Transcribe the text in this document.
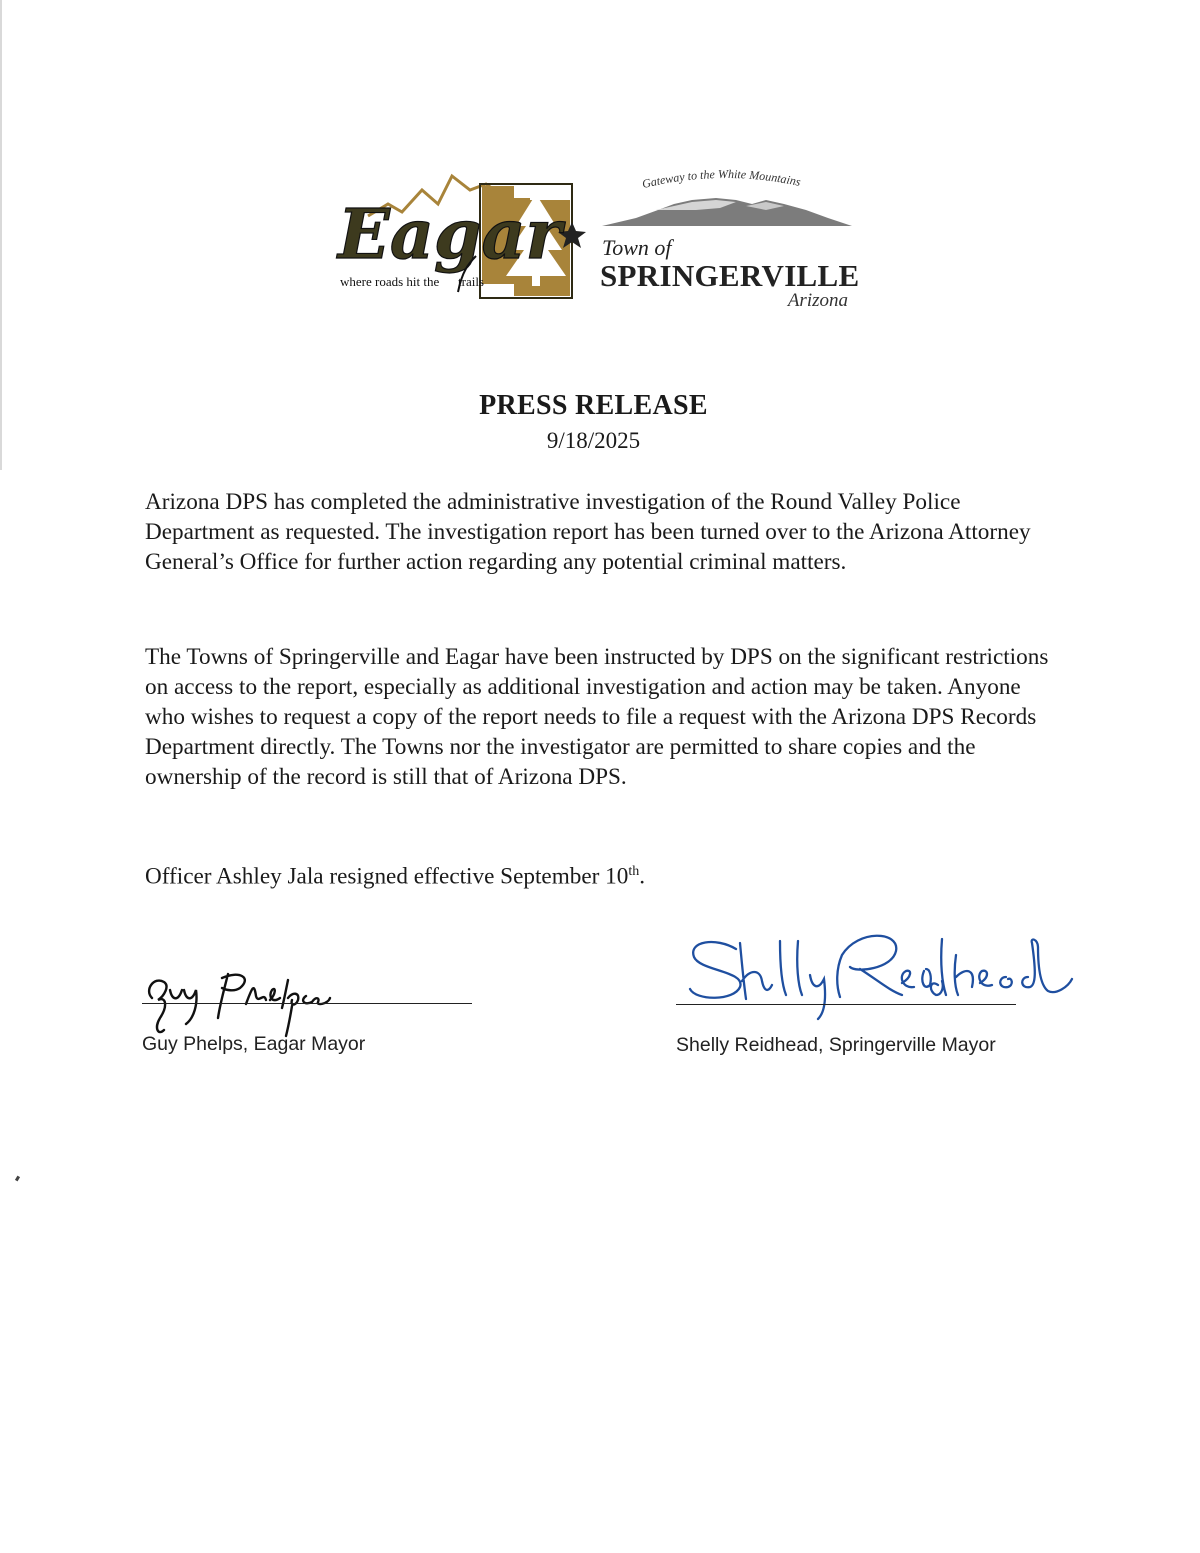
Eagar
where roads hit the trails
Gateway to the White Mountains
Town of
SPRINGERVILLE
Arizona
PRESS RELEASE
9/18/2025

Arizona DPS has completed the administrative investigation of the Round Valley Police Department as requested. The investigation report has been turned over to the Arizona Attorney General’s Office for further action regarding any potential criminal matters.

The Towns of Springerville and Eagar have been instructed by DPS on the significant restrictions on access to the report, especially as additional investigation and action may be taken. Anyone who wishes to request a copy of the report needs to file a request with the Arizona DPS Records Department directly. The Towns nor the investigator are permitted to share copies and the ownership of the record is still that of Arizona DPS.

Officer Ashley Jala resigned effective September 10th.

Guy Phelps, Eagar Mayor	Shelly Reidhead, Springerville Mayor
